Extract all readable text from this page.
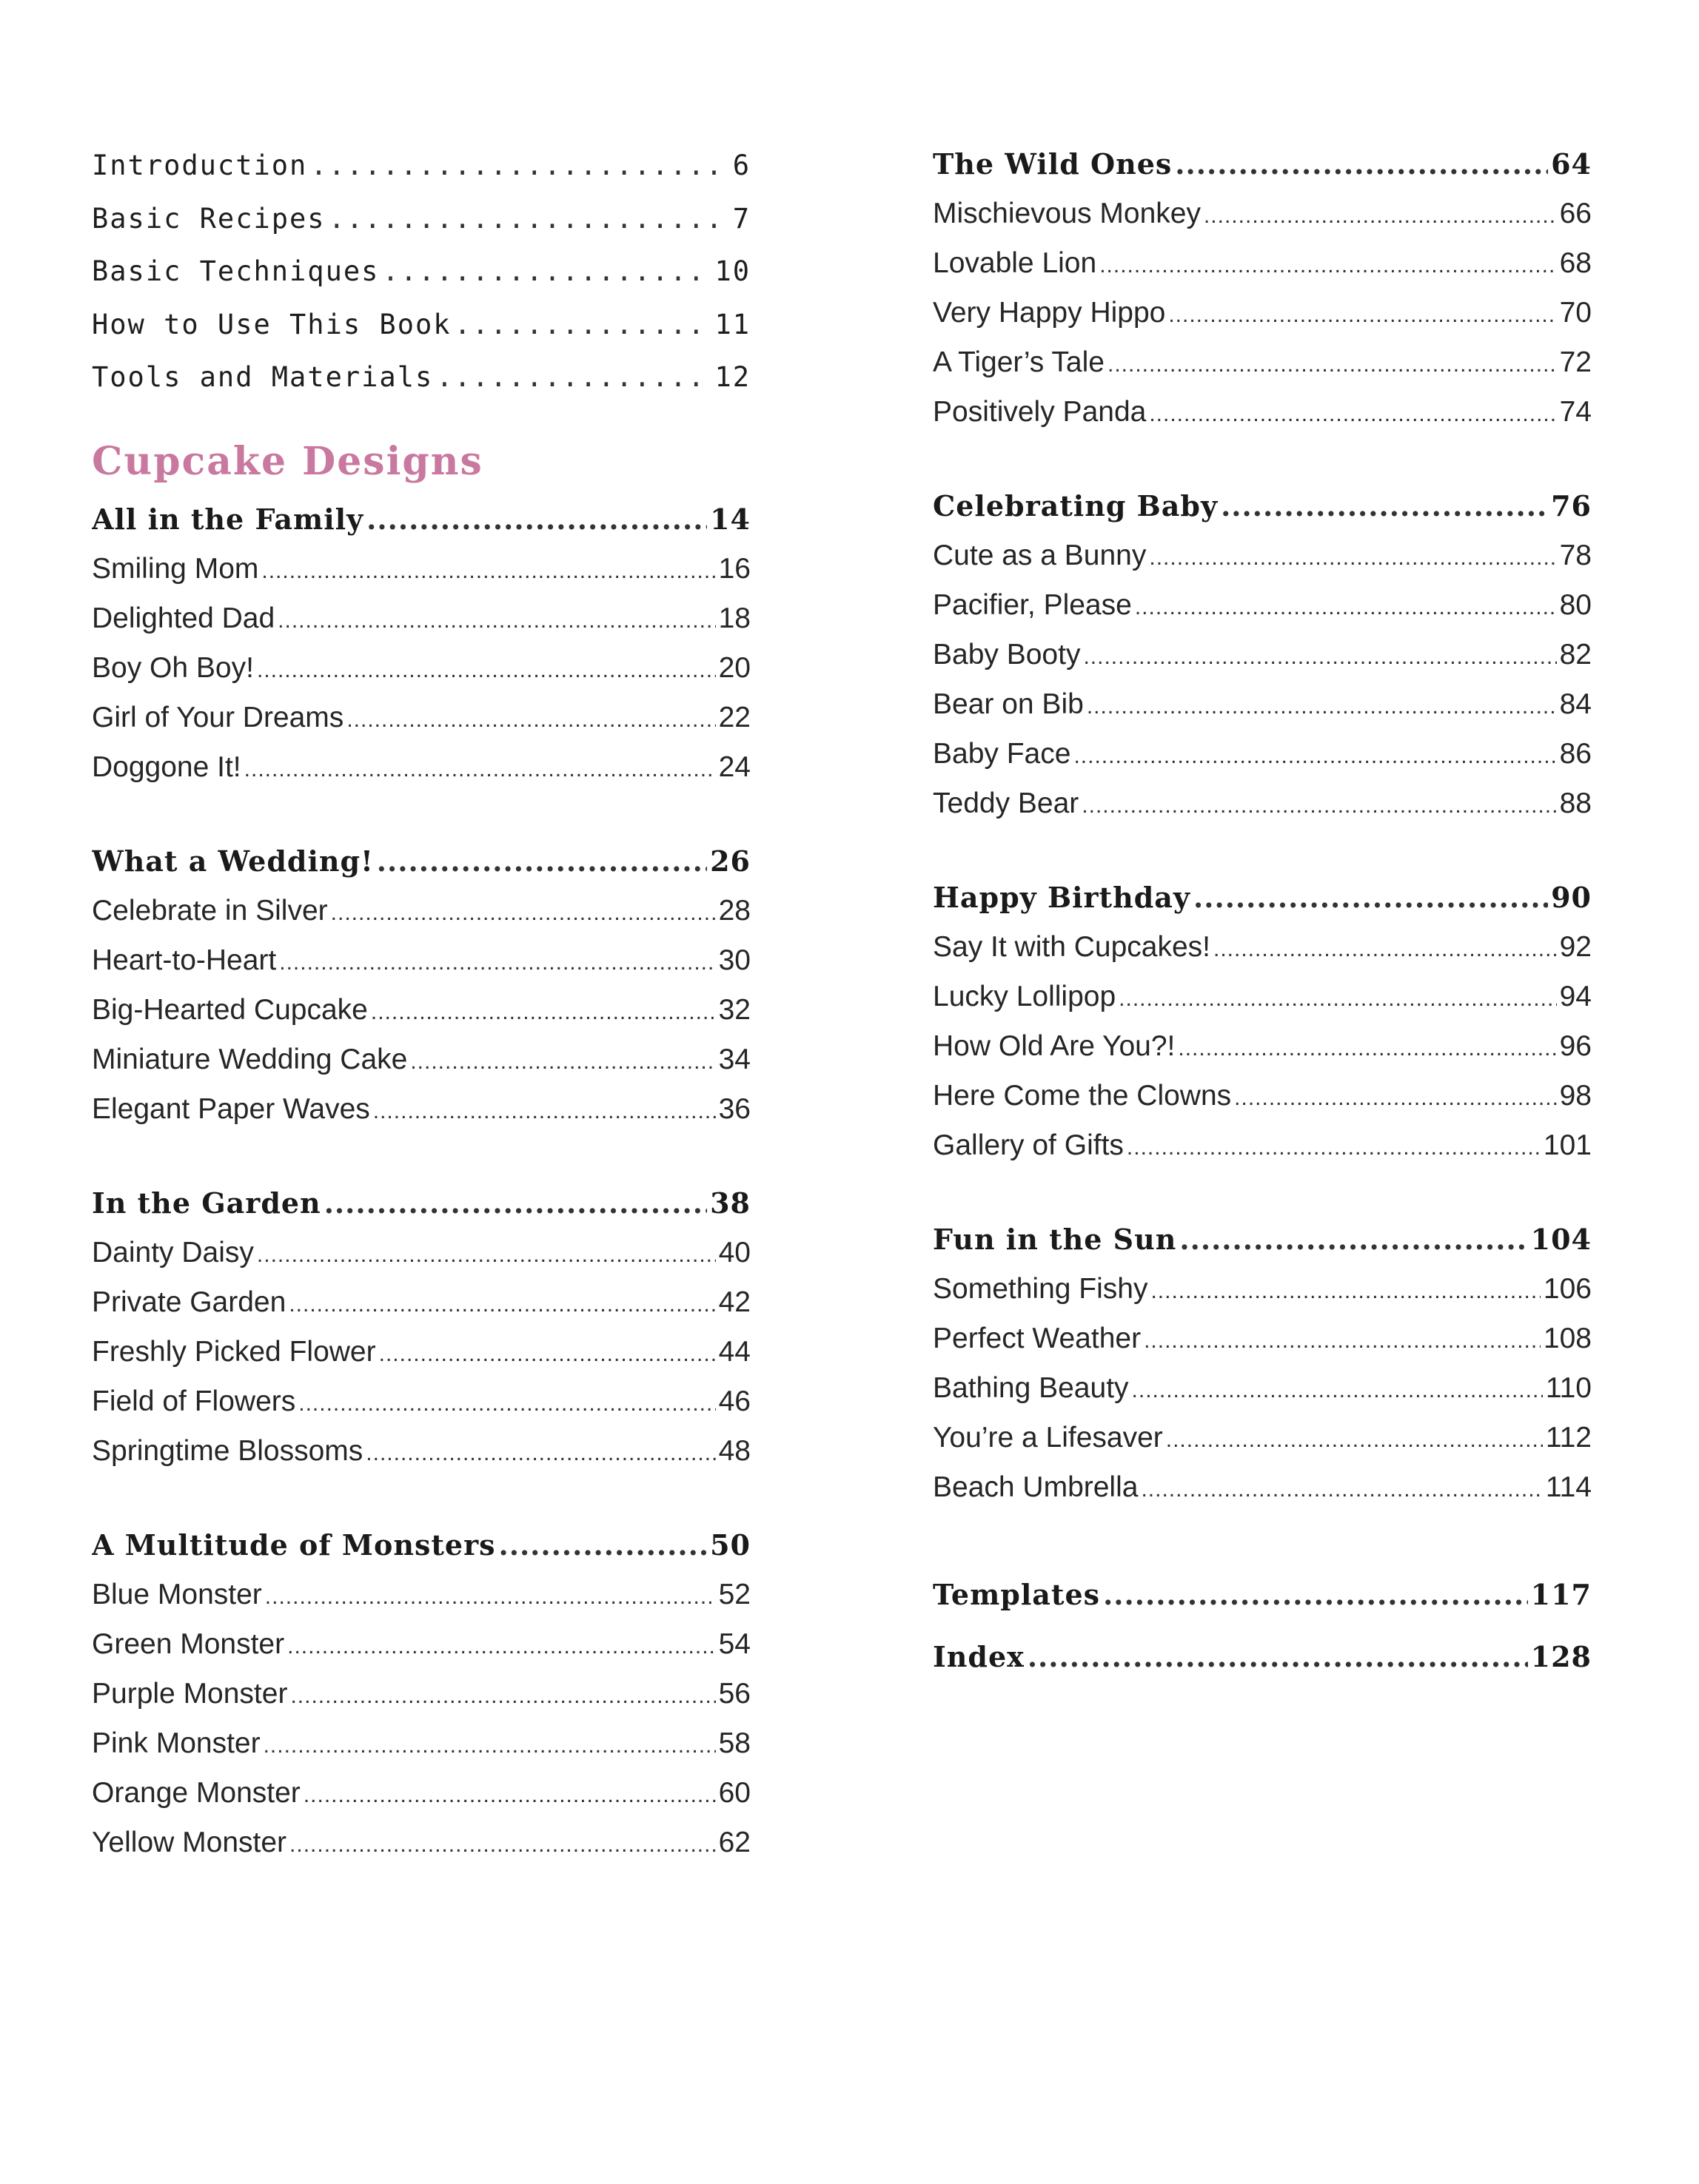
Introduction .....	6
Basic Recipes .....	7
Basic Techniques .....	10
How to Use This Book .....	11
Tools and Materials .....	12
Cupcake Designs
All in the Family .....	14
Smiling Mom .....	16
Delighted Dad .....	18
Boy Oh Boy! .....	20
Girl of Your Dreams .....	22
Doggone It! .....	24
What a Wedding! .....	26
Celebrate in Silver .....	28
Heart-to-Heart .....	30
Big-Hearted Cupcake .....	32
Miniature Wedding Cake .....	34
Elegant Paper Waves .....	36
In the Garden .....	38
Dainty Daisy .....	40
Private Garden .....	42
Freshly Picked Flower .....	44
Field of Flowers .....	46
Springtime Blossoms .....	48
A Multitude of Monsters .....	50
Blue Monster .....	52
Green Monster .....	54
Purple Monster .....	56
Pink Monster .....	58
Orange Monster .....	60
Yellow Monster .....	62
The Wild Ones .....	64
Mischievous Monkey .....	66
Lovable Lion .....	68
Very Happy Hippo .....	70
A Tiger’s Tale .....	72
Positively Panda .....	74
Celebrating Baby .....	76
Cute as a Bunny .....	78
Pacifier, Please .....	80
Baby Booty .....	82
Bear on Bib .....	84
Baby Face .....	86
Teddy Bear .....	88
Happy Birthday .....	90
Say It with Cupcakes! .....	92
Lucky Lollipop .....	94
How Old Are You?! .....	96
Here Come the Clowns .....	98
Gallery of Gifts .....	101
Fun in the Sun .....	104
Something Fishy .....	106
Perfect Weather .....	108
Bathing Beauty .....	110
You’re a Lifesaver .....	112
Beach Umbrella .....	114
Templates .....	117
Index .....	128
